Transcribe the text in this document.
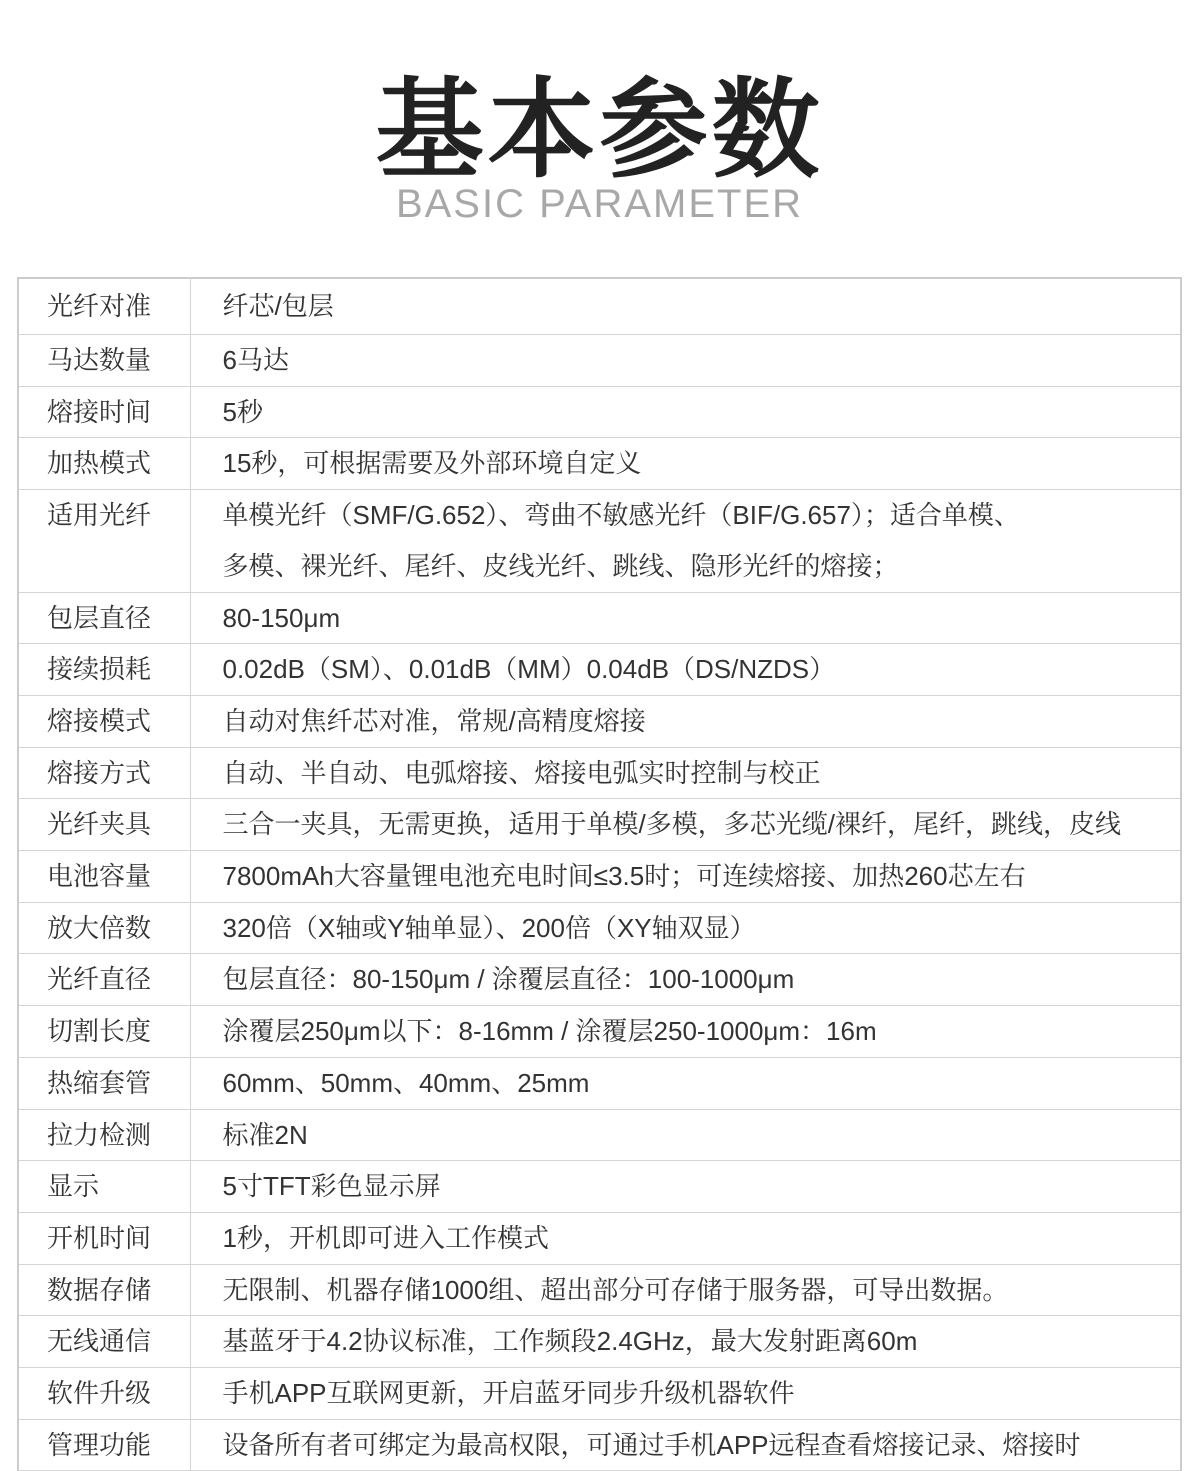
基本参数
BASIC PARAMETER
光纤对准	纤芯/包层

马达数量	6马达

熔接时间	5秒

加热模式	15秒，可根据需要及外部环境自定义

适用光纤	单模光纤（SMF/G.652）、弯曲不敏感光纤（BIF/G.657）；适合单模、
多模、裸光纤、尾纤、皮线光纤、跳线、隐形光纤的熔接；

包层直径	80-150μm

接续损耗	0.02dB（SM）、0.01dB（MM）0.04dB（DS/NZDS）

熔接模式	自动对焦纤芯对准，常规/高精度熔接

熔接方式	自动、半自动、电弧熔接、熔接电弧实时控制与校正

光纤夹具	三合一夹具，无需更换，适用于单模/多模，多芯光缆/裸纤，尾纤，跳线，皮线

电池容量	7800mAh大容量锂电池充电时间≤3.5时；可连续熔接、加热260芯左右

放大倍数	320倍（X轴或Y轴单显）、200倍（XY轴双显）

光纤直径	包层直径：80-150μm / 涂覆层直径：100-1000μm

切割长度	涂覆层250μm以下：8-16mm / 涂覆层250-1000μm：16m

热缩套管	60mm、50mm、40mm、25mm

拉力检测	标准2N

显示	5寸TFT彩色显示屏

开机时间	1秒，开机即可进入工作模式

数据存储	无限制、机器存储1000组、超出部分可存储于服务器，可导出数据。

无线通信	基蓝牙于4.2协议标准，工作频段2.4GHz，最大发射距离60m

软件升级	手机APP互联网更新，开启蓝牙同步升级机器软件

管理功能	设备所有者可绑定为最高权限，可通过手机APP远程查看熔接记录、熔接时
